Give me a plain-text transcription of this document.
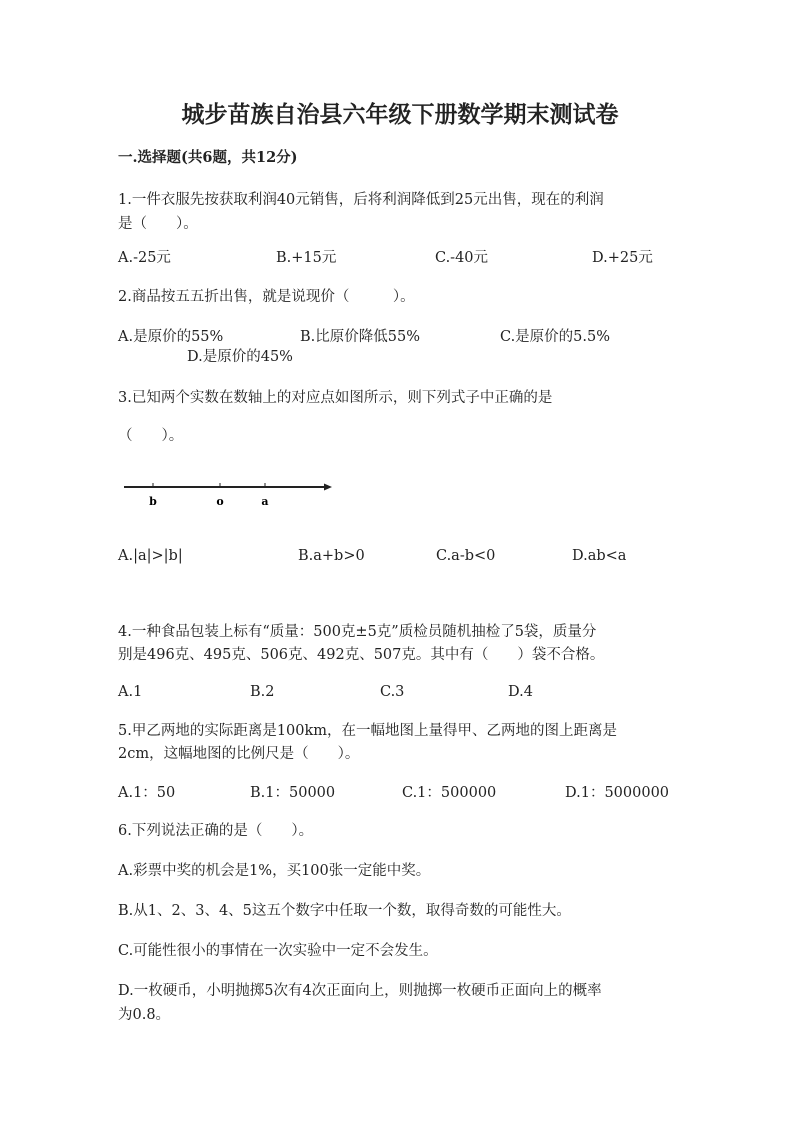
城步苗族自治县六年级下册数学期末测试卷
一.选择题(共6题，共12分)
1.一件衣服先按获取利润40元销售，后将利润降低到25元出售，现在的利润
是（　　）。
A.-25元	B.+15元	C.-40元	D.+25元
2.商品按五五折出售，就是说现价（　　　）。
A.是原价的55%	B.比原价降低55%	C.是原价的5.5%
D.是原价的45%
3.已知两个实数在数轴上的对应点如图所示，则下列式子中正确的是
（　　）。
b	o	a
A.|a|>|b|	B.a+b>0	C.a-b<0	D.ab<a
4.一种食品包装上标有“质量：500克±5克”质检员随机抽检了5袋，质量分
别是496克、495克、506克、492克、507克。其中有（　　）袋不合格。
A.1	B.2	C.3	D.4
5.甲乙两地的实际距离是100km，在一幅地图上量得甲、乙两地的图上距离是
2cm，这幅地图的比例尺是（　　）。
A.1：50	B.1：50000	C.1：500000	D.1：5000000
6.下列说法正确的是（　　）。
A.彩票中奖的机会是1%，买100张一定能中奖。
B.从1、2、3、4、5这五个数字中任取一个数，取得奇数的可能性大。
C.可能性很小的事情在一次实验中一定不会发生。
D.一枚硬币，小明抛掷5次有4次正面向上，则抛掷一枚硬币正面向上的概率
为0.8。
